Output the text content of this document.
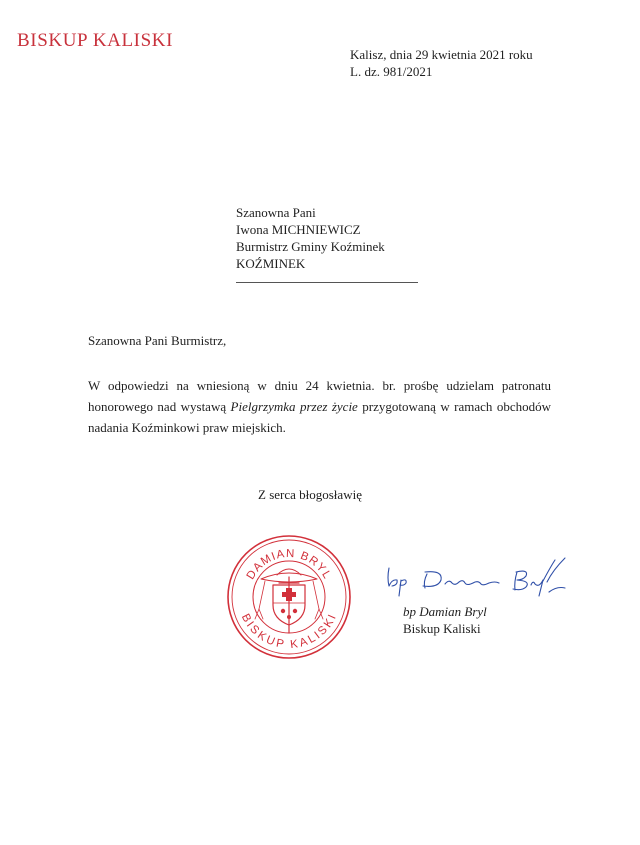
BISKUP KALISKI
Kalisz, dnia 29 kwietnia 2021 roku
L. dz. 981/2021
Szanowna Pani
Iwona MICHNIEWICZ
Burmistrz Gminy Koźminek
KOŹMINEK
Szanowna Pani Burmistrz,
W odpowiedzi na wniesioną w dniu 24 kwietnia. br. prośbę udzielam patronatu honorowego nad wystawą Pielgrzymka przez życie przygotowaną w ramach obchodów nadania Koźminkowi praw miejskich.
Z serca błogosławię
DAMIAN BRYL
BISKUP KALISKI	bp Damian Bryl
Biskup Kaliski
